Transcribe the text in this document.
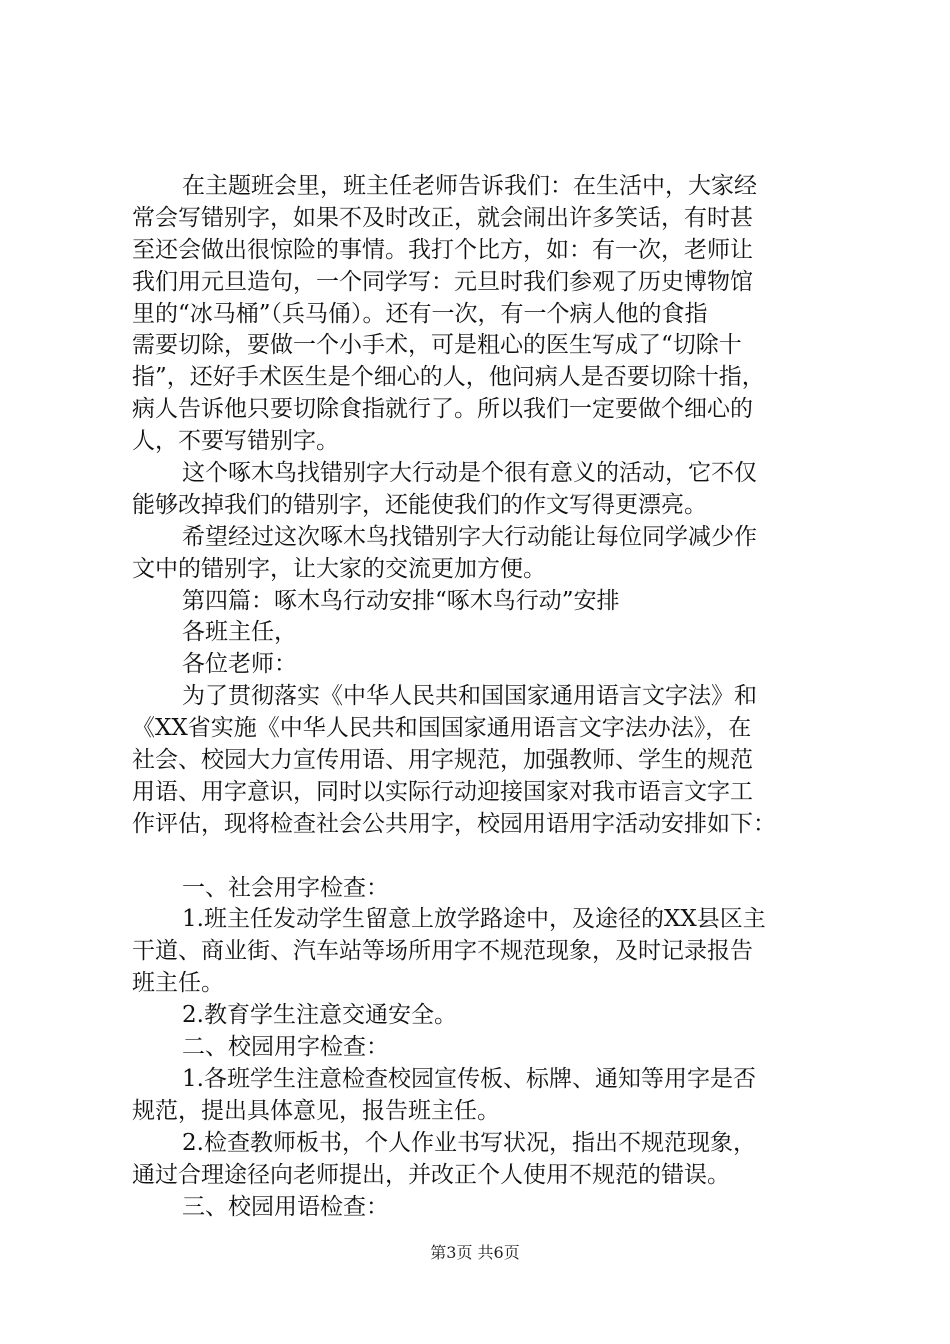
在主题班会里，班主任老师告诉我们：在生活中，大家经
常会写错别字，如果不及时改正，就会闹出许多笑话，有时甚
至还会做出很惊险的事情。我打个比方，如：有一次，老师让
我们用元旦造句，一个同学写：元旦时我们参观了历史博物馆
里的“冰马桶”（兵马俑）。还有一次，有一个病人他的食指
需要切除，要做一个小手术，可是粗心的医生写成了“切除十
指”，还好手术医生是个细心的人，他问病人是否要切除十指，
病人告诉他只要切除食指就行了。所以我们一定要做个细心的
人，不要写错别字。
这个啄木鸟找错别字大行动是个很有意义的活动，它不仅
能够改掉我们的错别字，还能使我们的作文写得更漂亮。
希望经过这次啄木鸟找错别字大行动能让每位同学减少作
文中的错别字，让大家的交流更加方便。
第四篇：啄木鸟行动安排“啄木鸟行动”安排
各班主任，
各位老师：
为了贯彻落实《中华人民共和国国家通用语言文字法》和
《XX省实施《中华人民共和国国家通用语言文字法办法》，在
社会、校园大力宣传用语、用字规范，加强教师、学生的规范
用语、用字意识，同时以实际行动迎接国家对我市语言文字工
作评估，现将检查社会公共用字，校园用语用字活动安排如下：
一、社会用字检查：
1.班主任发动学生留意上放学路途中，及途径的XX县区主
干道、商业街、汽车站等场所用字不规范现象，及时记录报告
班主任。
2.教育学生注意交通安全。
二、校园用字检查：
1.各班学生注意检查校园宣传板、标牌、通知等用字是否
规范，提出具体意见，报告班主任。
2.检查教师板书，个人作业书写状况，指出不规范现象，
通过合理途径向老师提出，并改正个人使用不规范的错误。
三、校园用语检查：
第3页 共6页
